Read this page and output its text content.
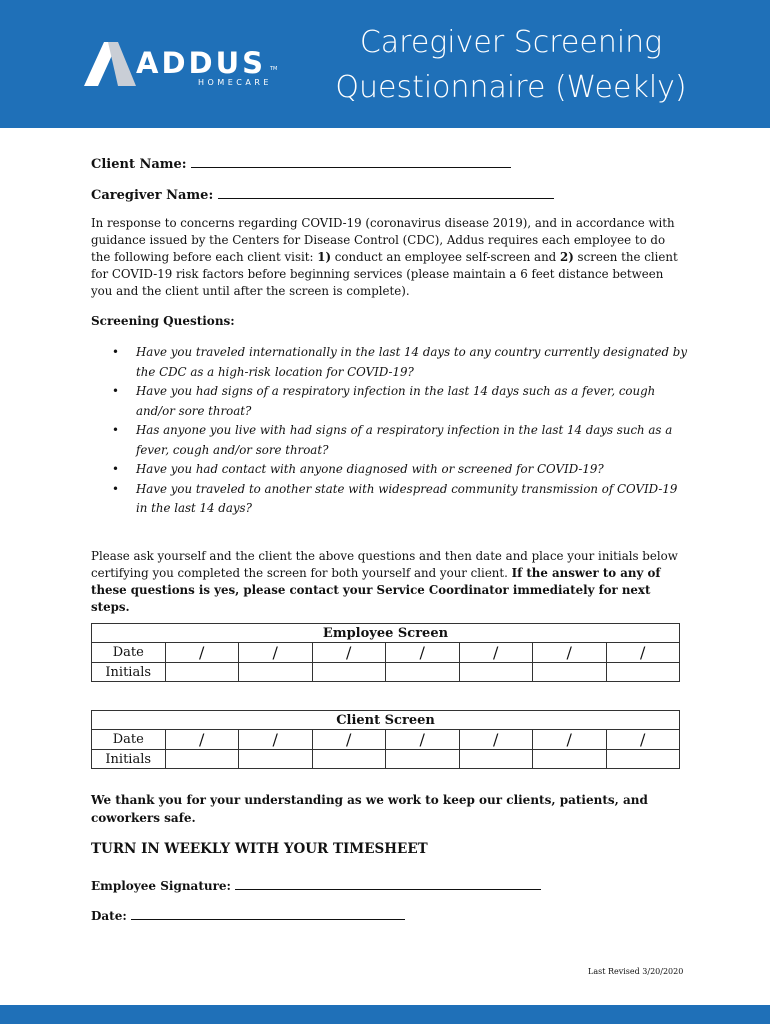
ADDUS TM
HOMECARE
Caregiver Screening
Questionnaire (Weekly)
Client Name:
Caregiver Name:
In response to concerns regarding COVID-19 (coronavirus disease 2019), and in accordance with guidance issued by the Centers for Disease Control (CDC), Addus requires each employee to do the following before each client visit: 1) conduct an employee self-screen and 2) screen the client for COVID-19 risk factors before beginning services (please maintain a 6 feet distance between you and the client until after the screen is complete).
Screening Questions:
• Have you traveled internationally in the last 14 days to any country currently designated by the CDC as a high-risk location for COVID-19?
• Have you had signs of a respiratory infection in the last 14 days such as a fever, cough and/or sore throat?
• Has anyone you live with had signs of a respiratory infection in the last 14 days such as a fever, cough and/or sore throat?
• Have you had contact with anyone diagnosed with or screened for COVID-19?
• Have you traveled to another state with widespread community transmission of COVID-19 in the last 14 days?
Please ask yourself and the client the above questions and then date and place your initials below certifying you completed the screen for both yourself and your client. If the answer to any of these questions is yes, please contact your Service Coordinator immediately for next steps.
Employee Screen							
Date	/	/	/	/	/	/	/
Initials							
Client Screen							
Date	/	/	/	/	/	/	/
Initials							
We thank you for your understanding as we work to keep our clients, patients, and coworkers safe.
TURN IN WEEKLY WITH YOUR TIMESHEET
Employee Signature:
Date:
Last Revised 3/20/2020
